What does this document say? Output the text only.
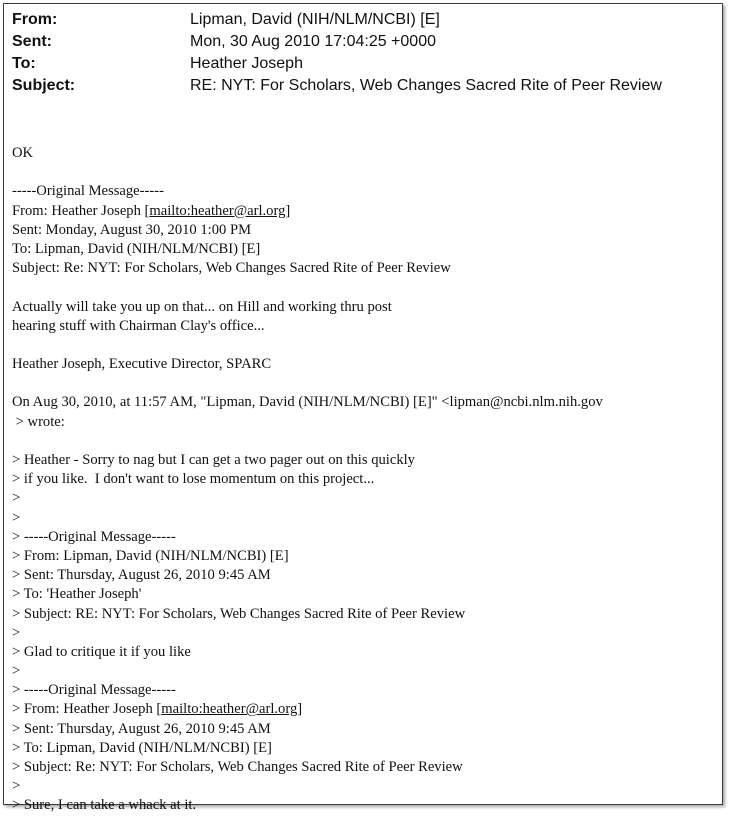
From:	Lipman, David (NIH/NLM/NCBI) [E]
Sent:	Mon, 30 Aug 2010 17:04:25 +0000
To:	Heather Joseph
Subject:	RE: NYT: For Scholars, Web Changes Sacred Rite of Peer Review
OK
-----Original Message-----
From: Heather Joseph [mailto:heather@arl.org]
Sent: Monday, August 30, 2010 1:00 PM
To: Lipman, David (NIH/NLM/NCBI) [E]
Subject: Re: NYT: For Scholars, Web Changes Sacred Rite of Peer Review
Actually will take you up on that... on Hill and working thru post
hearing stuff with Chairman Clay's office...
Heather Joseph, Executive Director, SPARC
On Aug 30, 2010, at 11:57 AM, "Lipman, David (NIH/NLM/NCBI) [E]" <lipman@ncbi.nlm.nih.gov
> wrote:
> Heather - Sorry to nag but I can get a two pager out on this quickly
> if you like.  I don't want to lose momentum on this project...
>
>
> -----Original Message-----
> From: Lipman, David (NIH/NLM/NCBI) [E]
> Sent: Thursday, August 26, 2010 9:45 AM
> To: 'Heather Joseph'
> Subject: RE: NYT: For Scholars, Web Changes Sacred Rite of Peer Review
>
> Glad to critique it if you like
>
> -----Original Message-----
> From: Heather Joseph [mailto:heather@arl.org]
> Sent: Thursday, August 26, 2010 9:45 AM
> To: Lipman, David (NIH/NLM/NCBI) [E]
> Subject: Re: NYT: For Scholars, Web Changes Sacred Rite of Peer Review
>
> Sure, I can take a whack at it.
